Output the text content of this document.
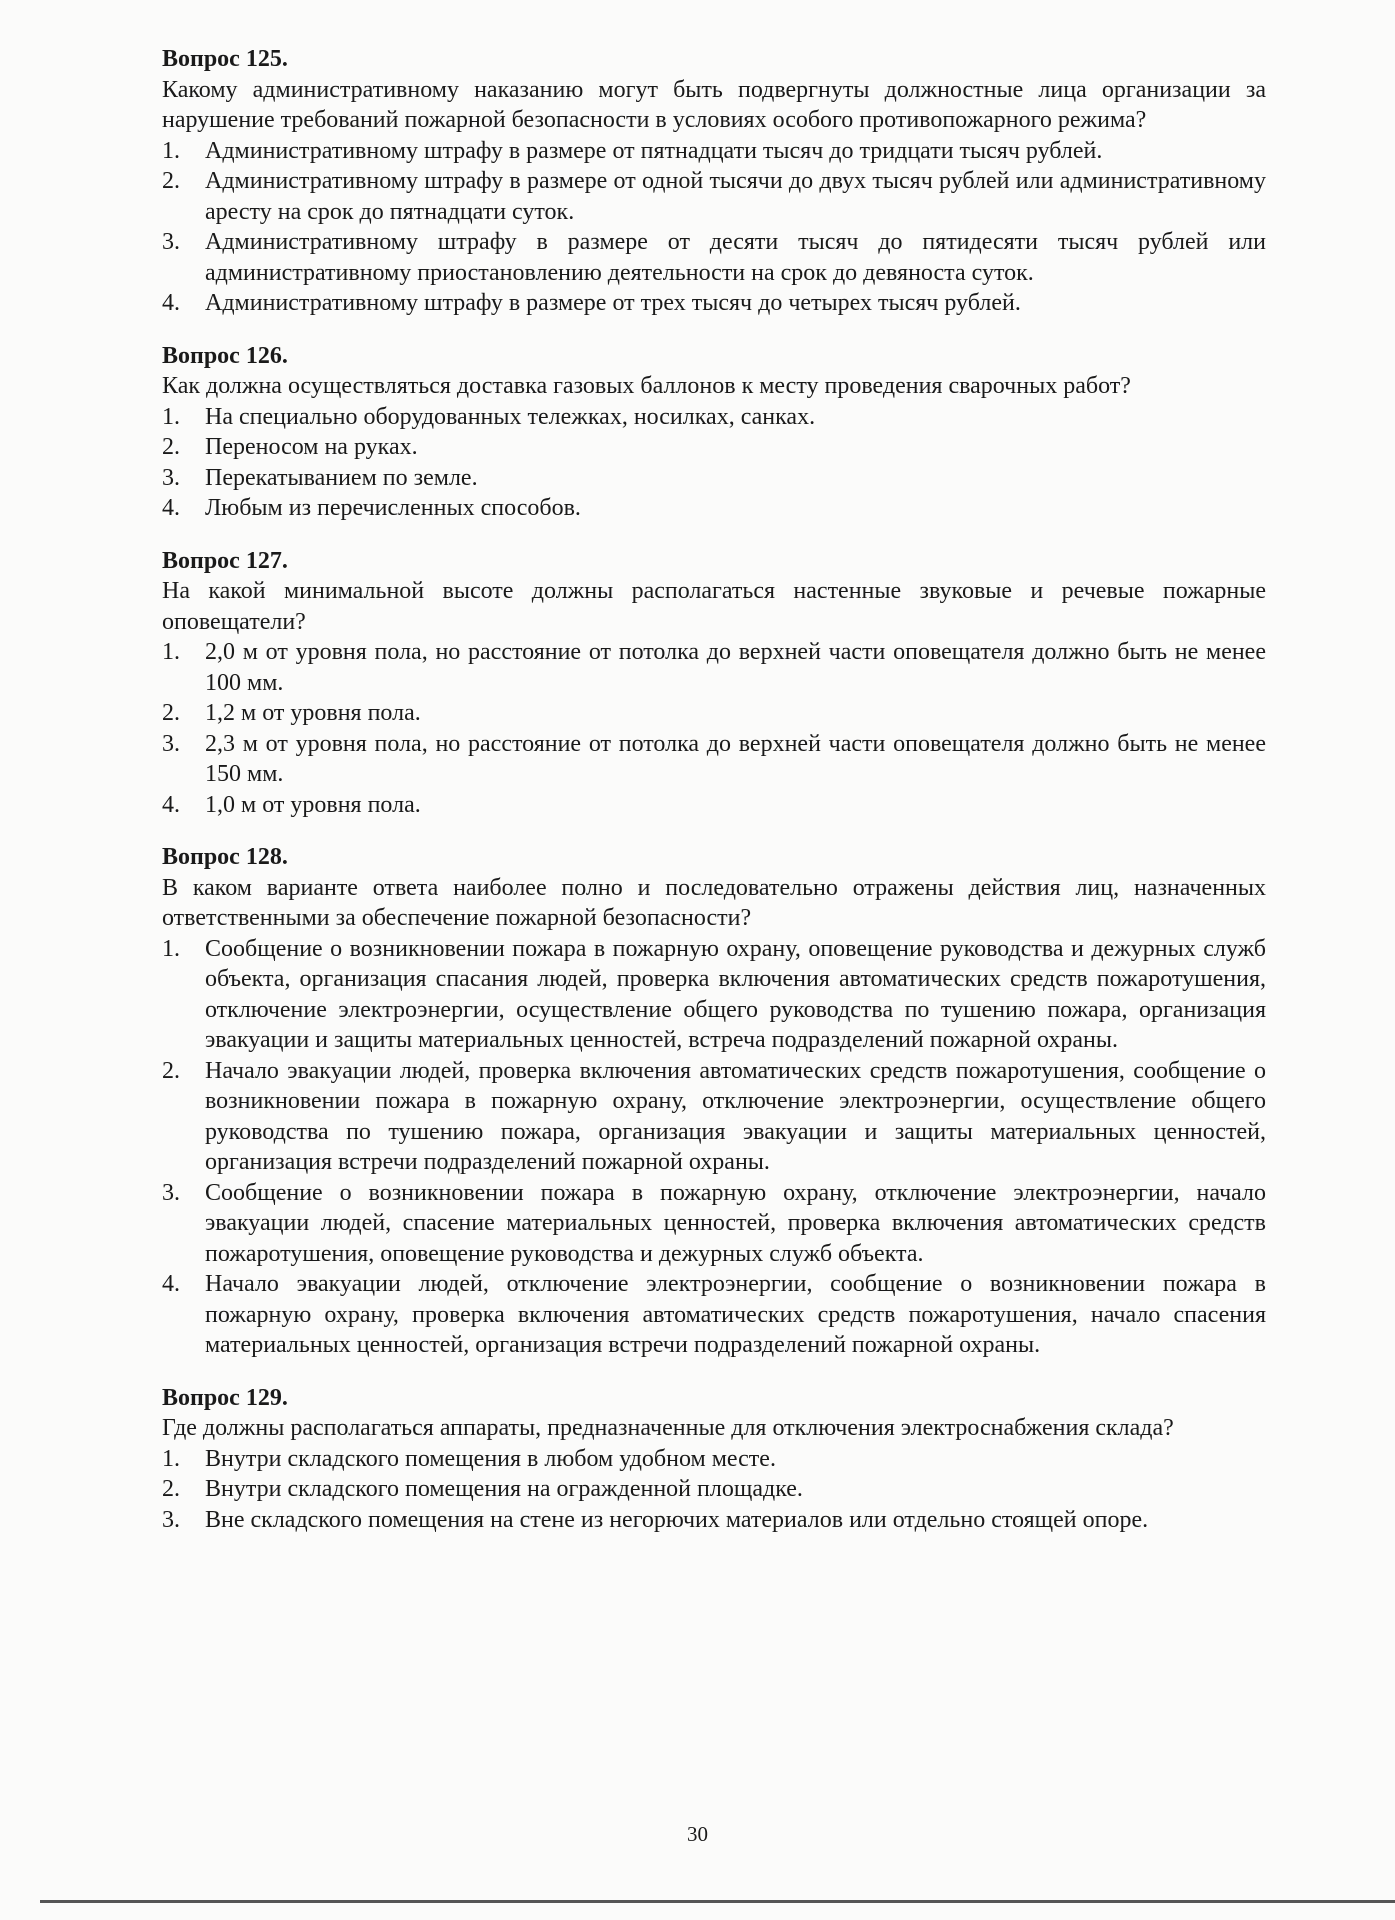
Вопрос 125.

Какому административному наказанию могут быть подвергнуты должностные лица организации за нарушение требований пожарной безопасности в условиях особого противопожарного режима?

1. Административному штрафу в размере от пятнадцати тысяч до тридцати тысяч рублей.
2. Административному штрафу в размере от одной тысячи до двух тысяч рублей или административному аресту на срок до пятнадцати суток.
3. Административному штрафу в размере от десяти тысяч до пятидесяти тысяч рублей или административному приостановлению деятельности на срок до девяноста суток.
4. Административному штрафу в размере от трех тысяч до четырех тысяч рублей.

Вопрос 126.

Как должна осуществляться доставка газовых баллонов к месту проведения сварочных работ?

1. На специально оборудованных тележках, носилках, санках.
2. Переносом на руках.
3. Перекатыванием по земле.
4. Любым из перечисленных способов.

Вопрос 127.

На какой минимальной высоте должны располагаться настенные звуковые и речевые пожарные оповещатели?

1. 2,0 м от уровня пола, но расстояние от потолка до верхней части оповещателя должно быть не менее 100 мм.
2. 1,2 м от уровня пола.
3. 2,3 м от уровня пола, но расстояние от потолка до верхней части оповещателя должно быть не менее 150 мм.
4. 1,0 м от уровня пола.

Вопрос 128.

В каком варианте ответа наиболее полно и последовательно отражены действия лиц, назначенных ответственными за обеспечение пожарной безопасности?

1. Сообщение о возникновении пожара в пожарную охрану, оповещение руководства и дежурных служб объекта, организация спасания людей, проверка включения автоматических средств пожаротушения, отключение электроэнергии, осуществление общего руководства по тушению пожара, организация эвакуации и защиты материальных ценностей, встреча подразделений пожарной охраны.
2. Начало эвакуации людей, проверка включения автоматических средств пожаротушения, сообщение о возникновении пожара в пожарную охрану, отключение электроэнергии, осуществление общего руководства по тушению пожара, организация эвакуации и защиты материальных ценностей, организация встречи подразделений пожарной охраны.
3. Сообщение о возникновении пожара в пожарную охрану, отключение электроэнергии, начало эвакуации людей, спасение материальных ценностей, проверка включения автоматических средств пожаротушения, оповещение руководства и дежурных служб объекта.
4. Начало эвакуации людей, отключение электроэнергии, сообщение о возникновении пожара в пожарную охрану, проверка включения автоматических средств пожаротушения, начало спасения материальных ценностей, организация встречи подразделений пожарной охраны.

Вопрос 129.

Где должны располагаться аппараты, предназначенные для отключения электроснабжения склада?

1. Внутри складского помещения в любом удобном месте.
2. Внутри складского помещения на огражденной площадке.
3. Вне складского помещения на стене из негорючих материалов или отдельно стоящей опоре.
30
